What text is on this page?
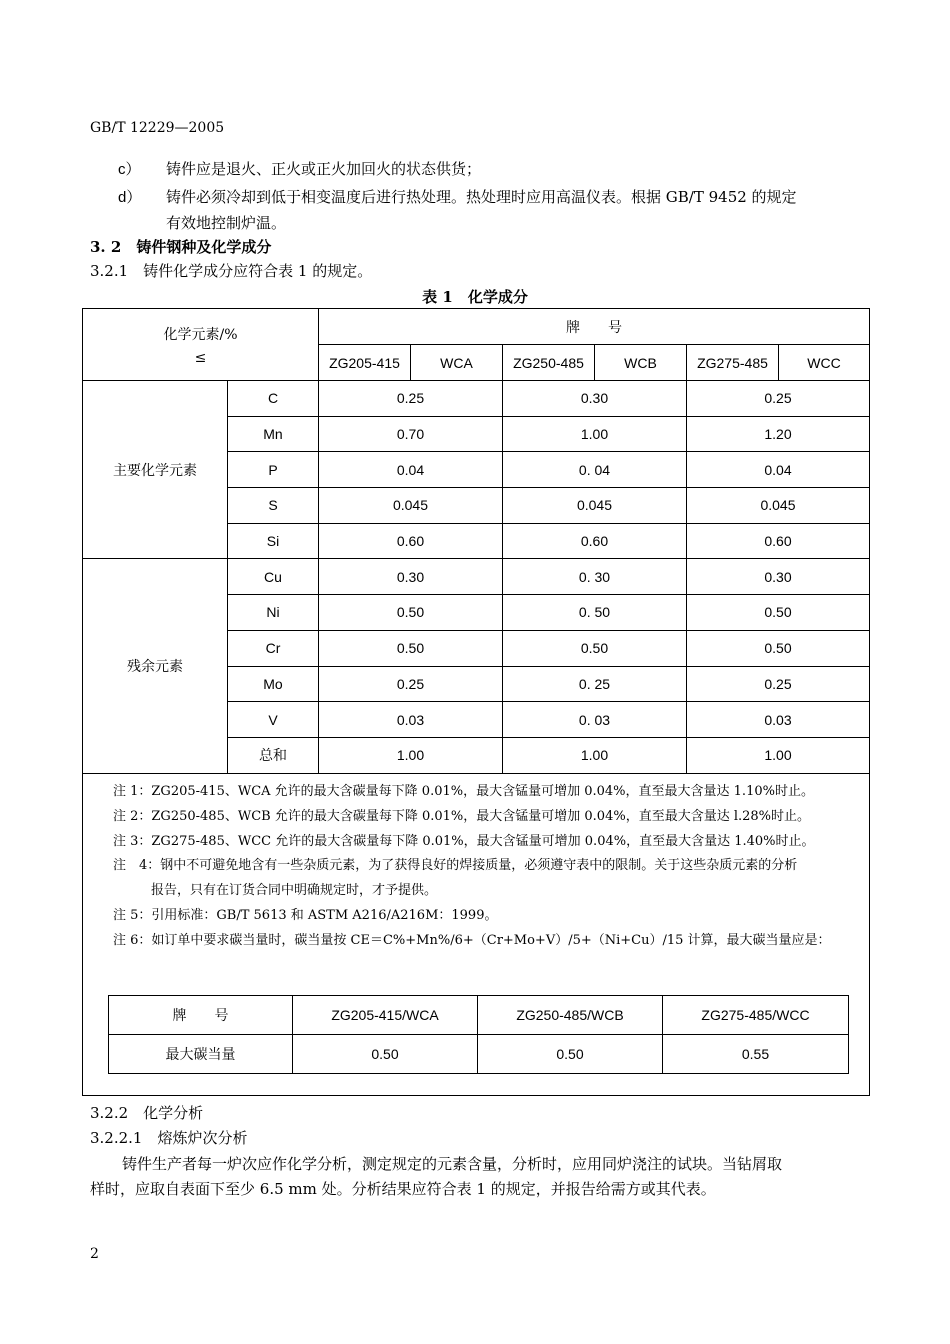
GB/T 12229—2005
c） 铸件应是退火、正火或正火加回火的状态供货；
d） 铸件必须冷却到低于相变温度后进行热处理。热处理时应用高温仪表。根据 GB/T 9452 的规定
有效地控制炉温。
3. 2　铸件钢种及化学成分
3.2.1　铸件化学成分应符合表 1 的规定。
表 1　化学成分
化学元素/%
≤
	牌　　号
ZG205-415	WCA	ZG250-485	WCB	ZG275-485	WCC
主要化学元素	C	0.25	0.30	0.25
Mn	0.70	1.00	1.20
P	0.04	0. 04	0.04
S	0.045	0.045	0.045
Si	0.60	0.60	0.60
残余元素	Cu	0.30	0. 30	0.30
Ni	0.50	0. 50	0.50
Cr	0.50	0.50	0.50
Mo	0.25	0. 25	0.25
V	0.03	0. 03	0.03
总和	1.00	1.00	1.00

注 1：ZG205-415、WCA 允许的最大含碳量每下降 0.01%，最大含锰量可增加 0.04%，直至最大含量达 1.10%时止。
注 2：ZG250-485、WCB 允许的最大含碳量每下降 0.01%，最大含锰量可增加 0.04%，直至最大含量达 l.28%时止。
注 3：ZG275-485、WCC 允许的最大含碳量每下降 0.01%，最大含锰量可增加 0.04%，直至最大含量达 1.40%时止。
注　4：钢中不可避免地含有一些杂质元素，为了获得良好的焊接质量，必须遵守表中的限制。关于这些杂质元素的分析
报告，只有在订货合同中明确规定时，才予提供。
注 5：引用标准：GB/T 5613 和 ASTM A216/A216M：1999。
注 6：如订单中要求碳当量时，碳当量按 CE＝C%+Mn%/6+（Cr+Mo+V）/5+（Ni+Cu）/15 计算，最大碳当量应是：
牌　　号	ZG205-415/WCA	ZG250-485/WCB	ZG275-485/WCC
最大碳当量	0.50	0.50	0.55
3.2.2　化学分析
3.2.2.1　熔炼炉次分析
铸件生产者每一炉次应作化学分析，测定规定的元素含量，分析时，应用同炉浇注的试块。当钻屑取
样时，应取自表面下至少 6.5 mm 处。分析结果应符合表 1 的规定，并报告给需方或其代表。
2
